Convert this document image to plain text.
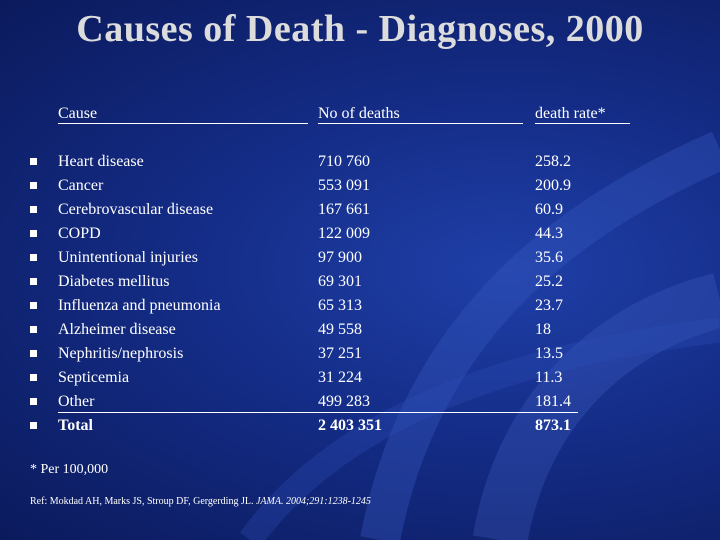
Causes of Death - Diagnoses, 2000
Cause	No of deaths	death rate*
Heart disease	710 760	258.2
Cancer	553 091	200.9
Cerebrovascular disease	167 661	60.9
COPD	122 009	44.3
Unintentional injuries	97 900	35.6
Diabetes mellitus	69 301	25.2
Influenza and pneumonia	65 313	23.7
Alzheimer disease	49 558	18
Nephritis/nephrosis	37 251	13.5
Septicemia	31 224	11.3
Other	499 283	181.4
Total	2 403 351	873.1
* Per 100,000
Ref: Mokdad AH, Marks JS, Stroup DF, Gergerding JL. JAMA. 2004;291:1238-1245
